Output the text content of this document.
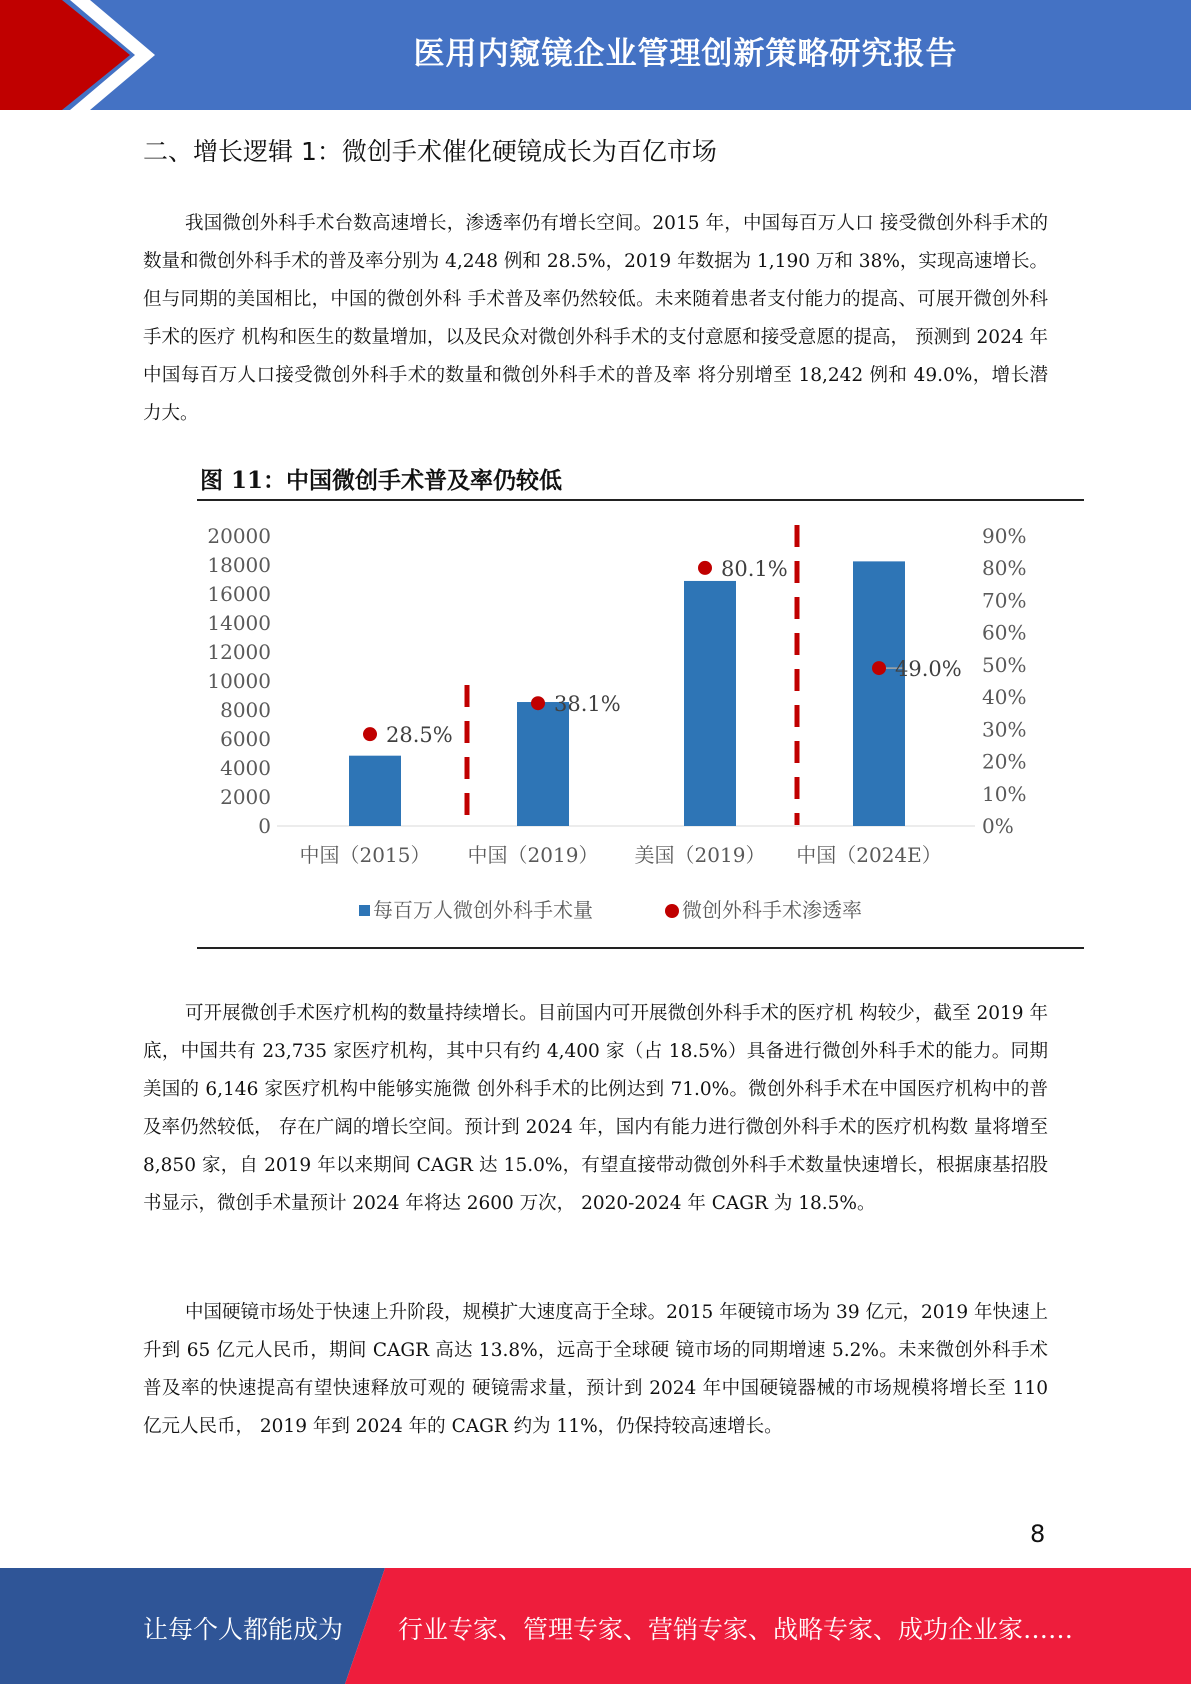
医用内窥镜企业管理创新策略研究报告
二、增长逻辑 1：微创手术催化硬镜成长为百亿市场

我国微创外科手术台数高速增长，渗透率仍有增长空间。2015 年，中国每百万人口 接受微创外科手术的数量和微创外科手术的普及率分别为 4,248 例和 28.5%，2019 年数据为 1,190 万和 38%，实现高速增长。但与同期的美国相比，中国的微创外科 手术普及率仍然较低。未来随着患者支付能力的提高、可展开微创外科手术的医疗 机构和医生的数量增加，以及民众对微创外科手术的支付意愿和接受意愿的提高， 预测到 2024 年中国每百万人口接受微创外科手术的数量和微创外科手术的普及率 将分别增至 18,242 例和 49.0%，增长潜力大。

图 11：中国微创手术普及率仍较低
0
2000
4000
6000
8000
10000
12000
14000
16000
18000
20000
0%
10%
20%
30%
40%
50%
60%
70%
80%
90%
28.5%
38.1%
80.1%
49.0%
中国（2015） 中国（2019） 美国（2019） 中国（2024E）
每百万人微创外科手术量	微创外科手术渗透率

可开展微创手术医疗机构的数量持续增长。目前国内可开展微创外科手术的医疗机 构较少，截至 2019 年底，中国共有 23,735 家医疗机构，其中只有约 4,400 家（占 18.5%）具备进行微创外科手术的能力。同期美国的 6,146 家医疗机构中能够实施微 创外科手术的比例达到 71.0%。微创外科手术在中国医疗机构中的普及率仍然较低， 存在广阔的增长空间。预计到 2024 年，国内有能力进行微创外科手术的医疗机构数 量将增至 8,850 家，自 2019 年以来期间 CAGR 达 15.0%，有望直接带动微创外科手术数量快速增长，根据康基招股书显示，微创手术量预计 2024 年将达 2600 万次， 2020-2024 年 CAGR 为 18.5%。

中国硬镜市场处于快速上升阶段，规模扩大速度高于全球。2015 年硬镜市场为 39 亿元，2019 年快速上升到 65 亿元人民币，期间 CAGR 高达 13.8%，远高于全球硬 镜市场的同期增速 5.2%。未来微创外科手术普及率的快速提高有望快速释放可观的 硬镜需求量，预计到 2024 年中国硬镜器械的市场规模将增长至 110 亿元人民币， 2019 年到 2024 年的 CAGR 约为 11%，仍保持较高速增长。

8
让每个人都能成为 行业专家、管理专家、营销专家、战略专家、成功企业家……
